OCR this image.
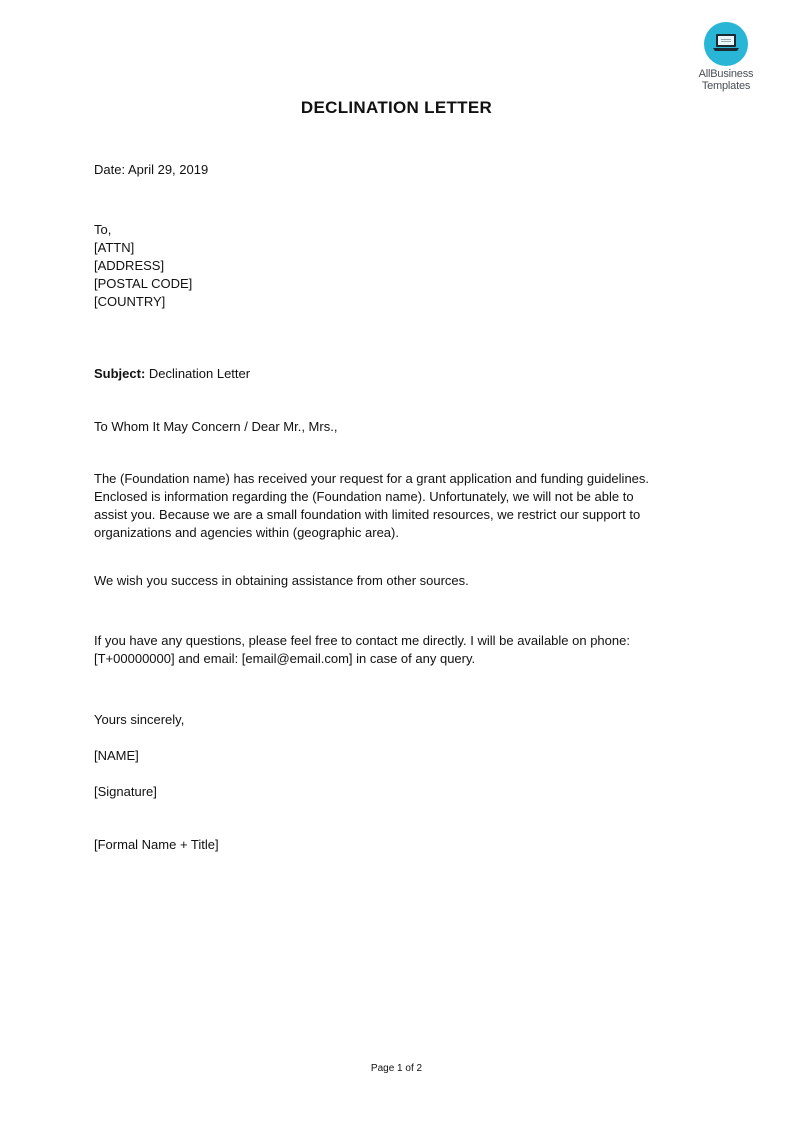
AllBusiness
Templates
DECLINATION LETTER
Date: April 29, 2019
To,
[ATTN]
[ADDRESS]
[POSTAL CODE]
[COUNTRY]
Subject: Declination Letter
To Whom It May Concern / Dear Mr., Mrs.,
The (Foundation name) has received your request for a grant application and funding guidelines.
Enclosed is information regarding the (Foundation name). Unfortunately, we will not be able to
assist you. Because we are a small foundation with limited resources, we restrict our support to
organizations and agencies within (geographic area).
We wish you success in obtaining assistance from other sources.
If you have any questions, please feel free to contact me directly. I will be available on phone:
[T+00000000] and email: [email@email.com] in case of any query.
Yours sincerely,
[NAME]
[Signature]
[Formal Name + Title]
Page 1 of 2
